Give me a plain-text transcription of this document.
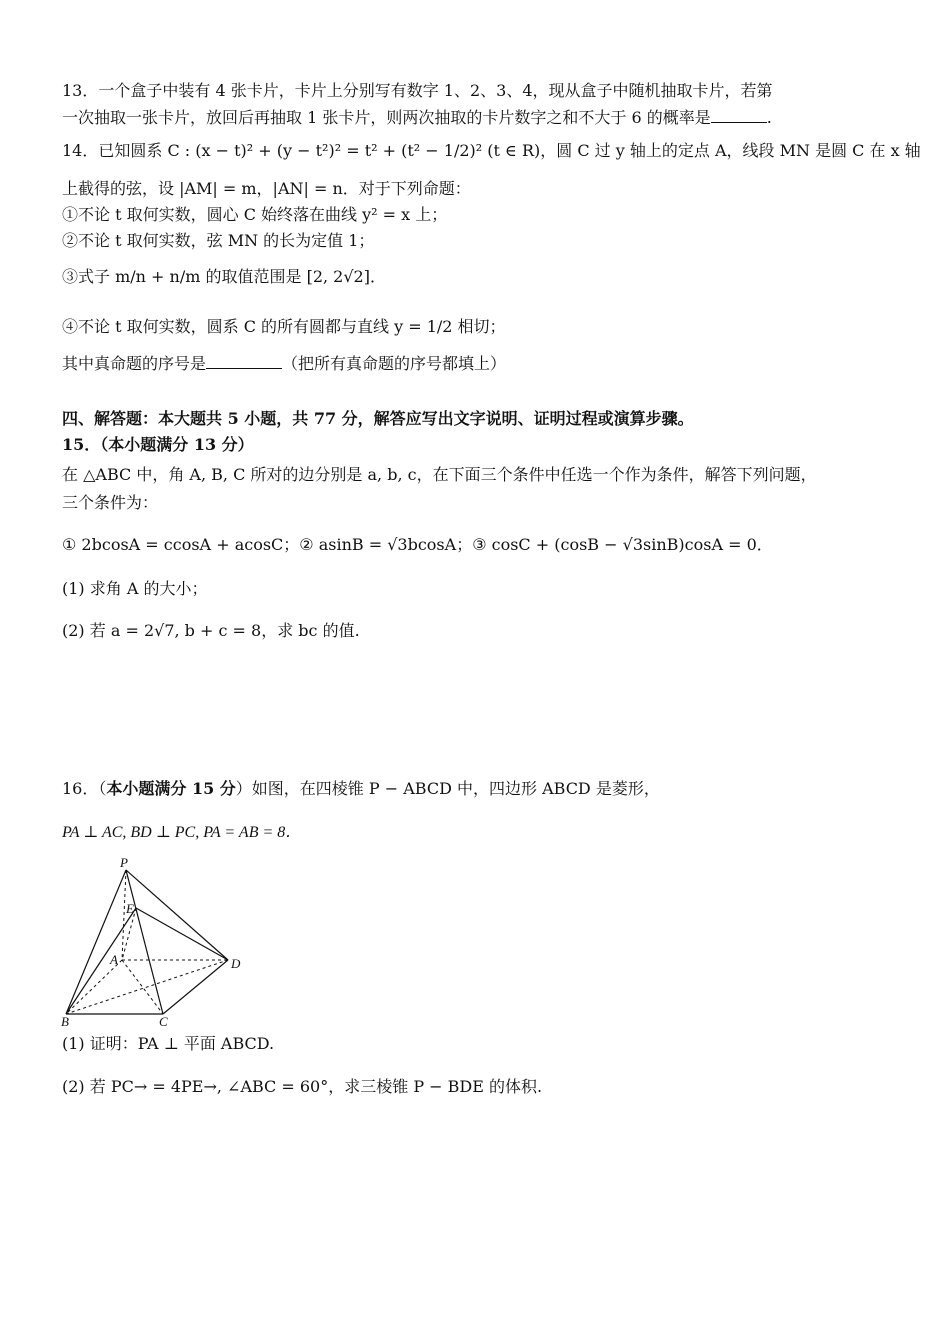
13．一个盒子中装有 4 张卡片，卡片上分别写有数字 1、2、3、4，现从盒子中随机抽取卡片，若第
一次抽取一张卡片，放回后再抽取 1 张卡片，则两次抽取的卡片数字之和不大于 6 的概率是	.
14．已知圆系 C : (x − t)² + (y − t²)² = t² + (t² − 1/2)² (t ∈ R)，圆 C 过 y 轴上的定点 A，线段 MN 是圆 C 在 x 轴
上截得的弦，设 |AM| = m，|AN| = n．对于下列命题：
①不论 t 取何实数，圆心 C 始终落在曲线 y² = x 上；
②不论 t 取何实数，弦 MN 的长为定值 1；
③式子 m/n + n/m 的取值范围是 [2, 2√2]．
④不论 t 取何实数，圆系 C 的所有圆都与直线 y = 1/2 相切；
其中真命题的序号是	（把所有真命题的序号都填上）
四、解答题：本大题共 5 小题，共 77 分，解答应写出文字说明、证明过程或演算步骤。
15．（本小题满分 13 分）
在 △ABC 中，角 A, B, C 所对的边分别是 a, b, c，在下面三个条件中任选一个作为条件，解答下列问题，
三个条件为：
① 2bcosA = ccosA + acosC；② asinB = √3bcosA；③ cosC + (cosB − √3sinB)cosA = 0．
(1) 求角 A 的大小；
(2) 若 a = 2√7, b + c = 8，求 bc 的值.
16．（本小题满分 15 分）如图，在四棱锥 P − ABCD 中，四边形 ABCD 是菱形，
PA ⊥ AC, BD ⊥ PC, PA = AB = 8．
P
E
A	D
B	C
(1) 证明：PA ⊥ 平面 ABCD.
(2) 若 PC→ = 4PE→, ∠ABC = 60°，求三棱锥 P − BDE 的体积.
